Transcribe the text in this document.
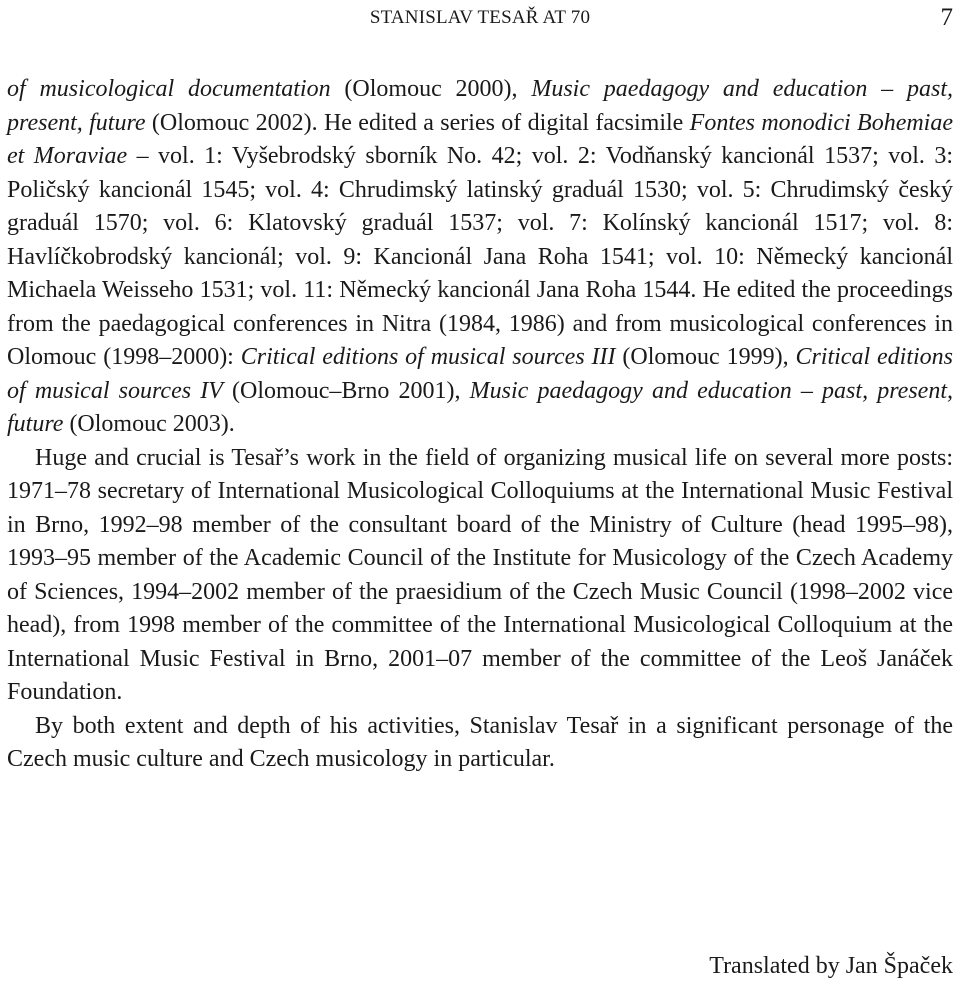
STANISLAV TESAŘ AT 70	7

of musicological documentation (Olomouc 2000), Music paedagogy and education – past, present, future (Olomouc 2002). He edited a series of digital facsimile Fontes monodici Bohemiae et Moraviae – vol. 1: Vyšebrodský sborník No. 42; vol. 2: Vodňanský kancionál 1537; vol. 3: Poličský kancionál 1545; vol. 4: Chrudimský latinský graduál 1530; vol. 5: Chrudimský český graduál 1570; vol. 6: Klatovský graduál 1537; vol. 7: Kolínský kancionál 1517; vol. 8: Havlíčkobrodský kancionál; vol. 9: Kancionál Jana Roha 1541; vol. 10: Německý kancionál Michaela Weisseho 1531; vol. 11: Německý kancionál Jana Roha 1544. He edited the proceedings from the paedagogical conferences in Nitra (1984, 1986) and from musicological conferences in Olomouc (1998–2000): Critical editions of musical sources III (Olomouc 1999), Critical editions of musical sources IV (Olomouc–Brno 2001), Music paedagogy and education – past, present, future (Olomouc 2003).

Huge and crucial is Tesař’s work in the field of organizing musical life on several more posts: 1971–78 secretary of International Musicological Colloquiums at the International Music Festival in Brno, 1992–98 member of the consultant board of the Ministry of Culture (head 1995–98), 1993–95 member of the Academic Council of the Institute for Musicology of the Czech Academy of Sciences, 1994–2002 member of the praesidium of the Czech Music Council (1998–2002 vice head), from 1998 member of the committee of the International Musicological Colloquium at the International Music Festival in Brno, 2001–07 member of the committee of the Leoš Janáček Foundation.

By both extent and depth of his activities, Stanislav Tesař in a significant personage of the Czech music culture and Czech musicology in particular.

Translated by Jan Špaček
